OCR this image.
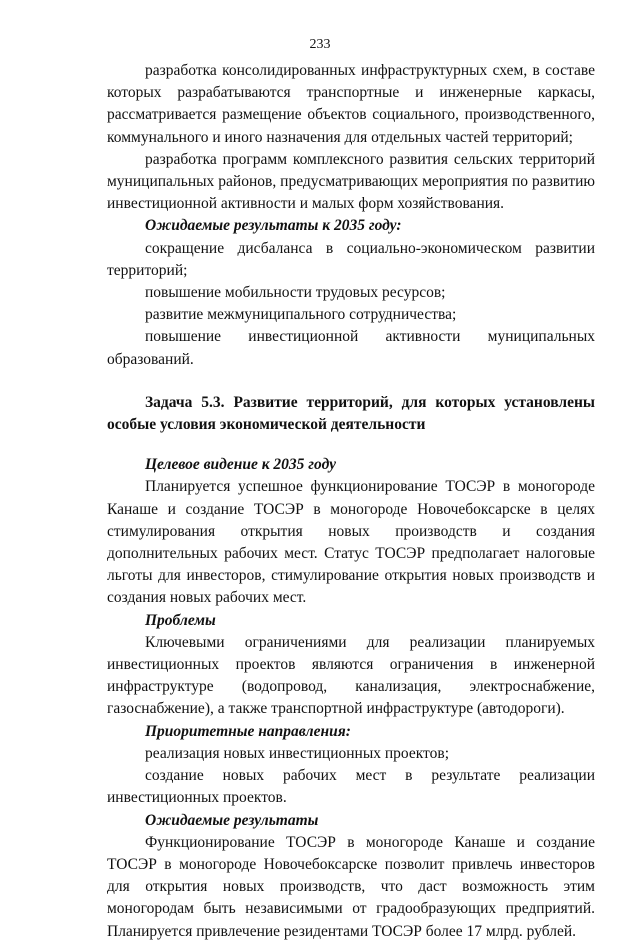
233

разработка консолидированных инфраструктурных схем, в составе которых разрабатываются транспортные и инженерные каркасы, рассматривается размещение объектов социального, производственного, коммунального и иного назначения для отдельных частей территорий;

разработка программ комплексного развития сельских территорий муниципальных районов, предусматривающих мероприятия по развитию инвестиционной активности и малых форм хозяйствования.

Ожидаемые результаты к 2035 году:

сокращение дисбаланса в социально-экономическом развитии территорий;

повышение мобильности трудовых ресурсов;

развитие межмуниципального сотрудничества;

повышение инвестиционной активности муниципальных образований.

Задача 5.3. Развитие территорий, для которых установлены особые условия экономической деятельности

Целевое видение к 2035 году

Планируется успешное функционирование ТОСЭР в моногороде Канаше и создание ТОСЭР в моногороде Новочебоксарске в целях стимулирования открытия новых производств и создания дополнительных рабочих мест. Статус ТОСЭР предполагает налоговые льготы для инвесторов, стимулирование открытия новых производств и создания новых рабочих мест.

Проблемы

Ключевыми ограничениями для реализации планируемых инвестиционных проектов являются ограничения в инженерной инфраструктуре (водопровод, канализация, электроснабжение, газоснабжение), а также транспортной инфраструктуре (автодороги).

Приоритетные направления:

реализация новых инвестиционных проектов;

создание новых рабочих мест в результате реализации инвестиционных проектов.

Ожидаемые результаты

Функционирование ТОСЭР в моногороде Канаше и создание ТОСЭР в моногороде Новочебоксарске позволит привлечь инвесторов для открытия новых производств, что даст возможность этим моногородам быть независимыми от градообразующих предприятий. Планируется привлечение резидентами ТОСЭР более 17 млрд. рублей.
